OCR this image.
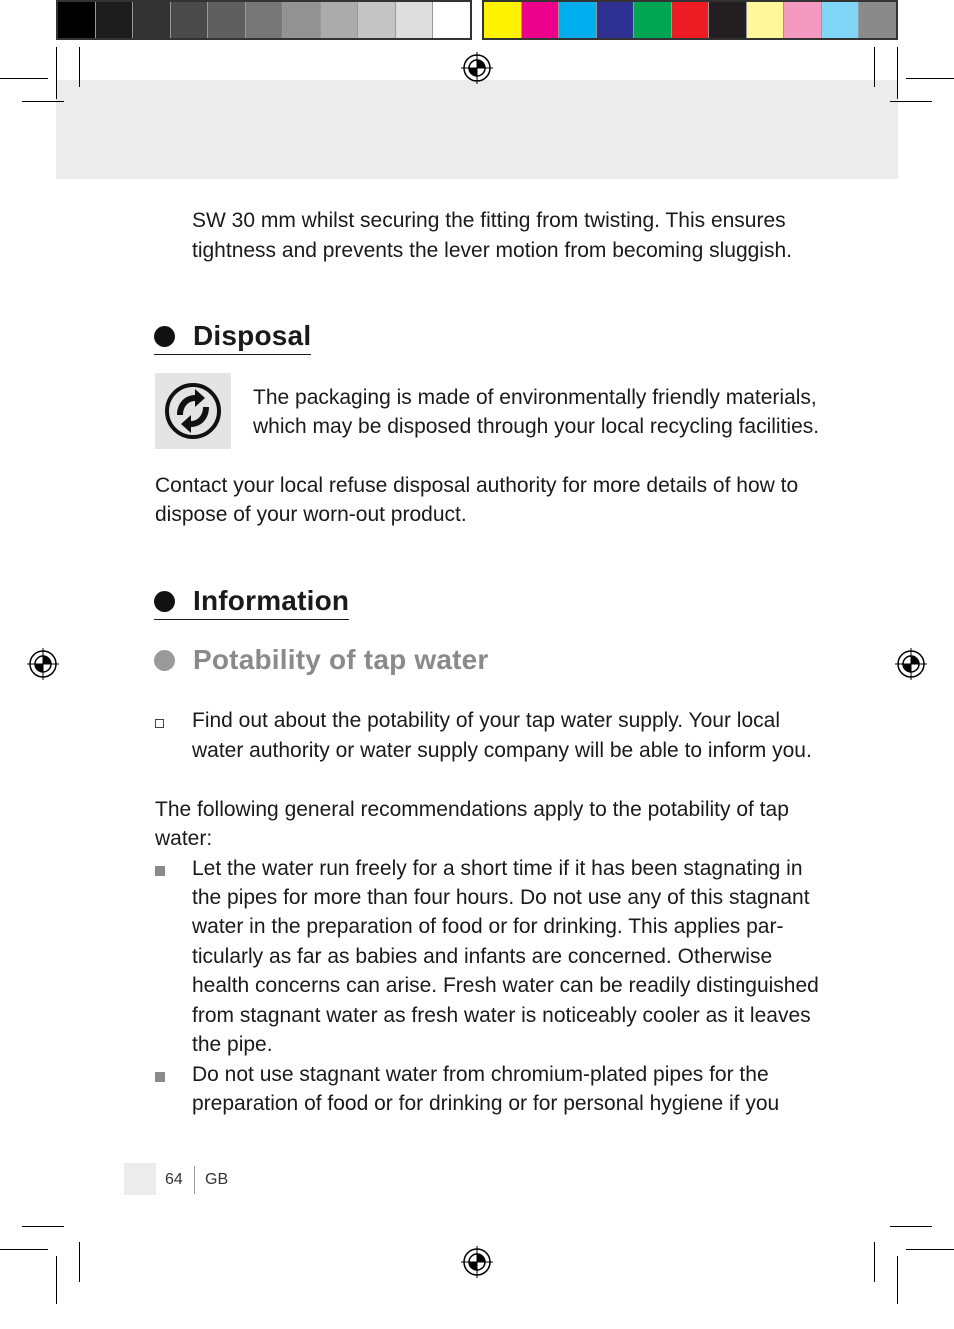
SW 30 mm whilst securing the fitting from twisting. This ensures
tightness and prevents the lever motion from becoming sluggish.
Disposal
The packaging is made of environmentally friendly materials,
which may be disposed through your local recycling facilities.
Contact your local refuse disposal authority for more details of how to
dispose of your worn-out product.
Information
Potability of tap water
Find out about the potability of your tap water supply. Your local
water authority or water supply company will be able to inform you.
The following general recommendations apply to the potability of tap
water:
Let the water run freely for a short time if it has been stagnating in
the pipes for more than four hours. Do not use any of this stagnant
water in the preparation of food or for drinking. This applies par-
ticularly as far as babies and infants are concerned. Otherwise
health concerns can arise. Fresh water can be readily distinguished
from stagnant water as fresh water is noticeably cooler as it leaves
the pipe.
Do not use stagnant water from chromium-plated pipes for the
preparation of food or for drinking or for personal hygiene if you
64 GB
